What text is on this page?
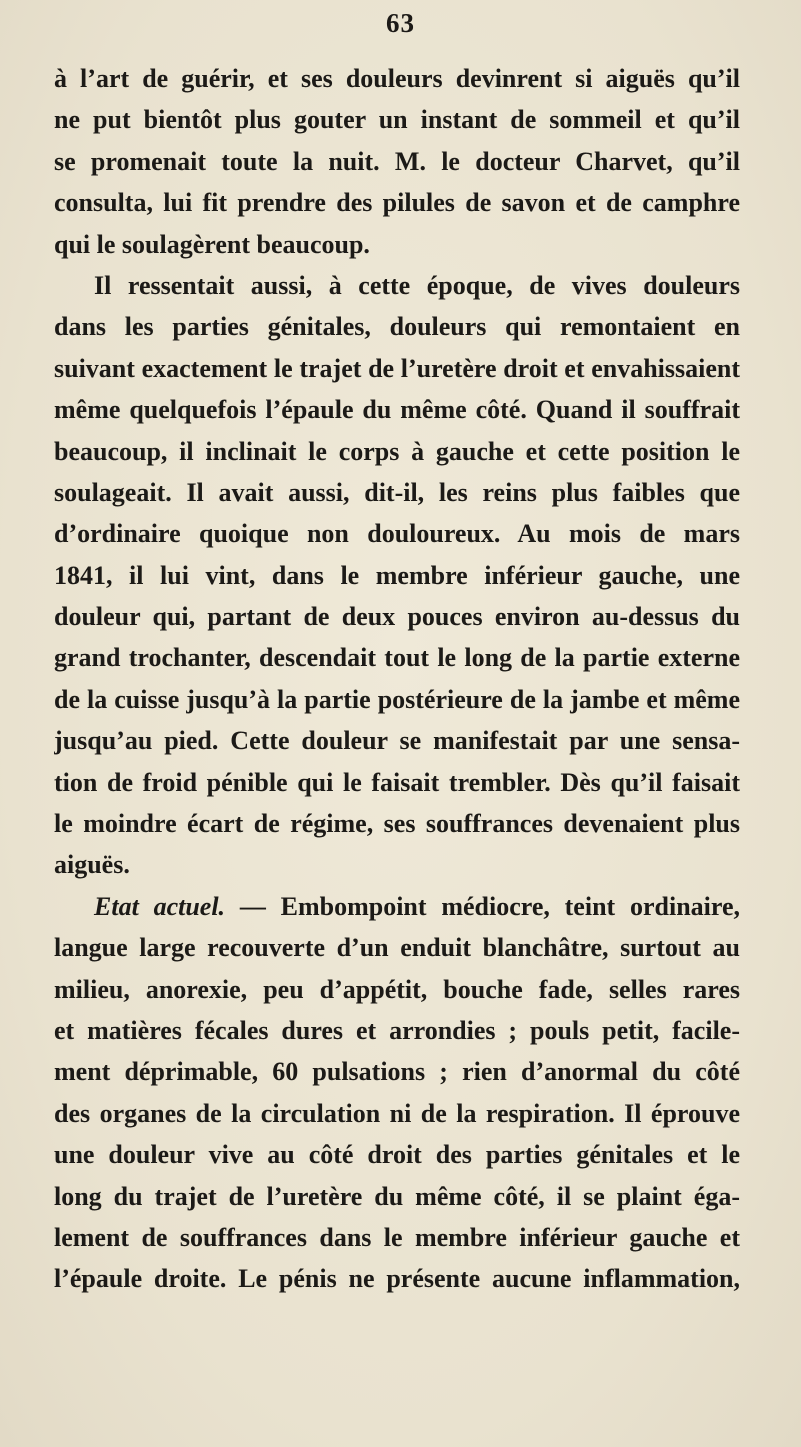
63
à l’art de guérir, et ses douleurs devinrent si aiguës qu’il
ne put bientôt plus gouter un instant de sommeil et qu’il
se promenait toute la nuit. M. le docteur Charvet, qu’il
consulta, lui fit prendre des pilules de savon et de camphre
qui le soulagèrent beaucoup.
Il ressentait aussi, à cette époque, de vives douleurs
dans les parties génitales, douleurs qui remontaient en
suivant exactement le trajet de l’uretère droit et envahissaient
même quelquefois l’épaule du même côté. Quand il souffrait
beaucoup, il inclinait le corps à gauche et cette position le
soulageait. Il avait aussi, dit-il, les reins plus faibles que
d’ordinaire quoique non douloureux. Au mois de mars
1841, il lui vint, dans le membre inférieur gauche, une
douleur qui, partant de deux pouces environ au-dessus du
grand trochanter, descendait tout le long de la partie externe
de la cuisse jusqu’à la partie postérieure de la jambe et même
jusqu’au pied. Cette douleur se manifestait par une sensa-
tion de froid pénible qui le faisait trembler. Dès qu’il faisait
le moindre écart de régime, ses souffrances devenaient plus
aiguës.
Etat actuel. — Embompoint médiocre, teint ordinaire,
langue large recouverte d’un enduit blanchâtre, surtout au
milieu, anorexie, peu d’appétit, bouche fade, selles rares
et matières fécales dures et arrondies ; pouls petit, facile-
ment déprimable, 60 pulsations ; rien d’anormal du côté
des organes de la circulation ni de la respiration. Il éprouve
une douleur vive au côté droit des parties génitales et le
long du trajet de l’uretère du même côté, il se plaint éga-
lement de souffrances dans le membre inférieur gauche et
l’épaule droite. Le pénis ne présente aucune inflammation,
